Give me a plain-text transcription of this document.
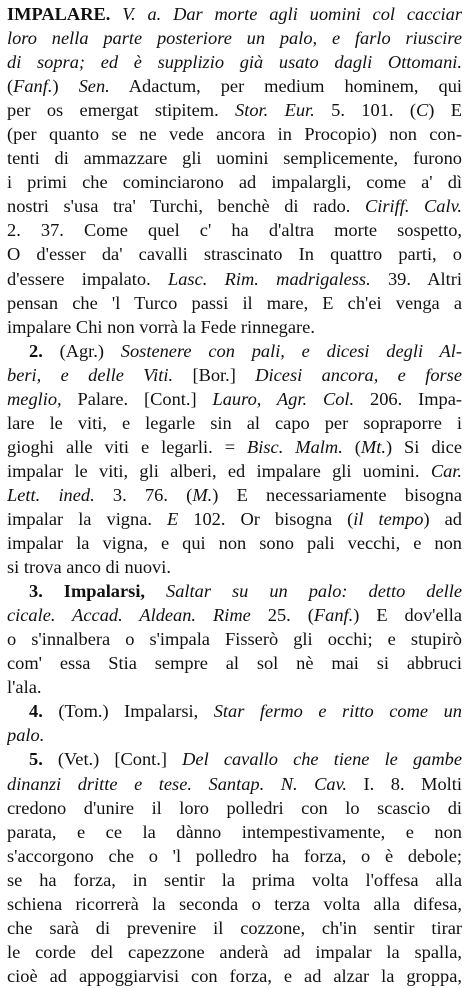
IMPALARE. V. a. Dar morte agli uomini col cacciar
loro nella parte posteriore un palo, e farlo riuscire
di sopra; ed è supplizio già usato dagli Ottomani.
(Fanf.) Sen. Adactum, per medium hominem, qui
per os emergat stipitem. Stor. Eur. 5. 101. (C) E
(per quanto se ne vede ancora in Procopio) non con-
tenti di ammazzare gli uomini semplicemente, furono
i primi che cominciarono ad impalargli, come a' dì
nostri s'usa tra' Turchi, benchè di rado. Ciriff. Calv.
2. 37. Come quel c' ha d'altra morte sospetto,
O d'esser da' cavalli strascinato In quattro parti, o
d'essere impalato. Lasc. Rim. madrigaless. 39. Altri
pensan che 'l Turco passi il mare, E ch'ei venga a
impalare Chi non vorrà la Fede rinnegare.
2. (Agr.) Sostenere con pali, e dicesi degli Al-
beri, e delle Viti. [Bor.] Dicesi ancora, e forse
meglio, Palare. [Cont.] Lauro, Agr. Col. 206. Impa-
lare le viti, e legarle sin al capo per sopraporre i
gioghi alle viti e legarli. = Bisc. Malm. (Mt.) Si dice
impalar le viti, gli alberi, ed impalare gli uomini. Car.
Lett. ined. 3. 76. (M.) E necessariamente bisogna
impalar la vigna. E 102. Or bisogna (il tempo) ad
impalar la vigna, e qui non sono pali vecchi, e non
si trova anco di nuovi.
3. Impalarsi, Saltar su un palo: detto delle
cicale. Accad. Aldean. Rime 25. (Fanf.) E dov'ella
o s'innalbera o s'impala Fisserò gli occhi; e stupirò
com' essa Stia sempre al sol nè mai si abbruci
l'ala.
4. (Tom.) Impalarsi, Star fermo e ritto come un
palo.
5. (Vet.) [Cont.] Del cavallo che tiene le gambe
dinanzi dritte e tese. Santap. N. Cav. I. 8. Molti
credono d'unire il loro polledri con lo scascio di
parata, e ce la dànno intempestivamente, e non
s'accorgono che o 'l polledro ha forza, o è debole;
se ha forza, in sentir la prima volta l'offesa alla
schiena ricorrerà la seconda o terza volta alla difesa,
che sarà di prevenire il cozzone, ch'in sentir tirar
le corde del capezzone anderà ad impalar la spalla,
cioè ad appoggiarvisi con forza, e ad alzar la groppa,
